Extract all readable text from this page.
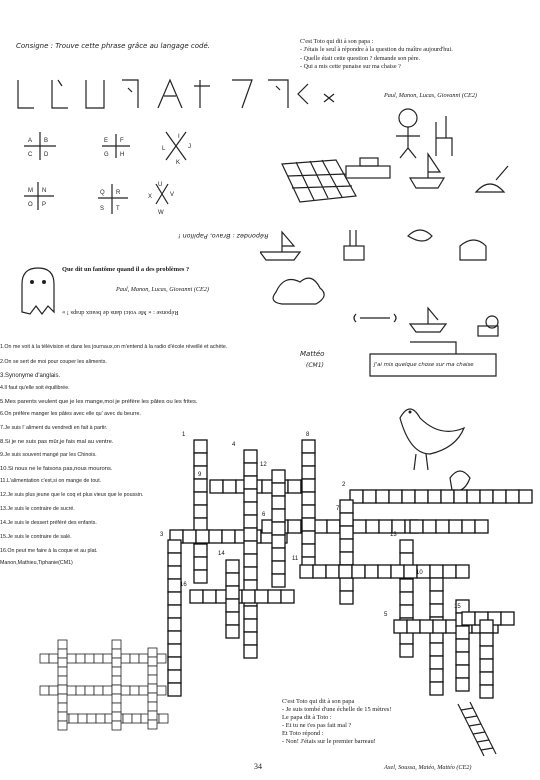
Consigne : Trouve cette phrase grâce au langage codé.
C'est Toto qui dit à son papa :
- J'étais le seul à répondre à la question du maître aujourd'hui.
- Quelle était cette question ? demande son père.
- Qui a mis cette punaise sur ma chaise ?
Paul, Manon, Lucas, Giovanni (CE2)
A B
C D
E F
G H
I
J
K
L
M N
O P
Q R
S T
U
V
W
X
Répondez : Bravo, Papillon !
Que dit un fantôme quand il a des problèmes ?
Paul, Manon, Lucas, Giovanni (CE2)
Réponse : « Me voici dans de beaux draps ! »
Mattéo
(CM1)	J'ai mis quelque chose sur ma chaise
1.On me voit à la télévision et dans les journaux,on m'entend à la radio d'école réveillé et achète.
2.On se sert de moi pour couper les aliments.
3.Synonyme d'anglais.
4.Il faut qu'elle soit équilibrée.
5.Mes parents veulent que je les mange,moi je préfère les pâtes ou les frites.
6.On préfère manger les pâtes avec elle qu' avec du beurre.
7.Je suis l' aliment du vendredi en fait à partir.
8.Si je ne suis pas mûr,je fais mal au ventre.
9.Je suis souvent mangé par les Chinois.
10.Si nous ne le faisons pas,nous mourons.
11.L'alimentation c'est,si on mange de tout.
12.Je suis plus jeune que le coq et plus vieux que le poussin.
13.Je suis le contraire de sucré.
14.Je suis le dessert préféré des enfants.
15.Je suis le contraire de salé.
16.On peut me faire à la coque et au plat.
Manon,Mathieu,Tiphanie(CM1)
1
2
3
4
5
6
7
8
9
10
11
12
13
14
15
16
C'est Toto qui dit à son papa
- Je suis tombé d'une échelle de 15 mètres!
Le papa dit à Toto :
- Et tu ne t'es pas fait mal ?
Et Toto répond :
- Non! J'étais sur le premier barreau!
Axel, Soussa, Matéo, Mattéo (CE2)
34
